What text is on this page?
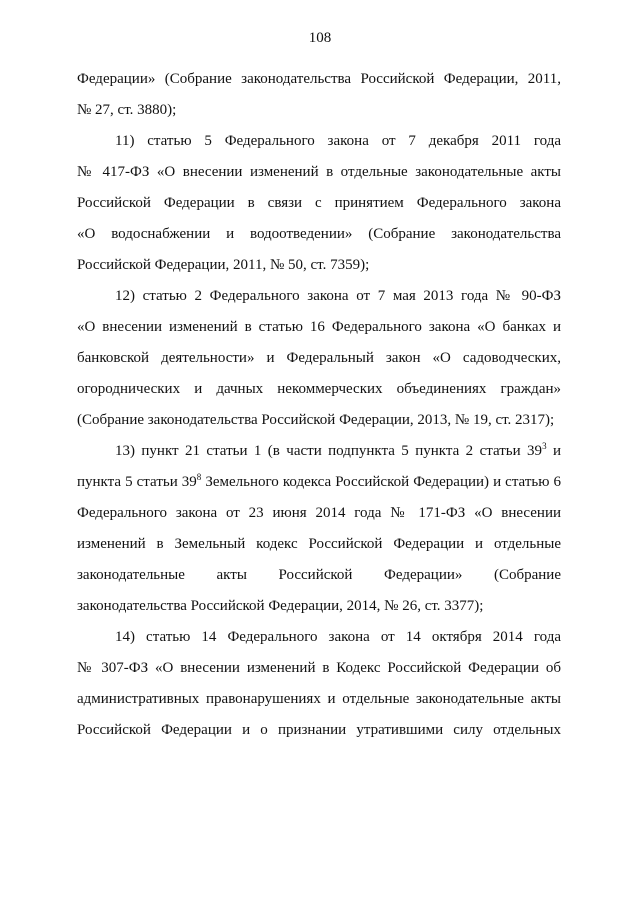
108

Федерации» (Собрание законодательства Российской Федерации, 2011,
№ 27, ст. 3880);

11) статью 5 Федерального закона от 7 декабря 2011 года
№ 417-ФЗ «О внесении изменений в отдельные законодательные акты
Российской Федерации в связи с принятием Федерального закона
«О водоснабжении и водоотведении» (Собрание законодательства
Российской Федерации, 2011, № 50, ст. 7359);

12) статью 2 Федерального закона от 7 мая 2013 года № 90-ФЗ
«О внесении изменений в статью 16 Федерального закона «О банках и
банковской деятельности» и Федеральный закон «О садоводческих,
огороднических и дачных некоммерческих объединениях граждан»
(Собрание законодательства Российской Федерации, 2013, № 19, ст. 2317);

13) пункт 21 статьи 1 (в части подпункта 5 пункта 2 статьи $39^3$ и
пункта 5 статьи $39^8$ Земельного кодекса Российской Федерации) и статью 6
Федерального закона от 23 июня 2014 года № 171-ФЗ «О внесении
изменений в Земельный кодекс Российской Федерации и отдельные
законодательные акты Российской Федерации» (Собрание
законодательства Российской Федерации, 2014, № 26, ст. 3377);

14) статью 14 Федерального закона от 14 октября 2014 года
№ 307-ФЗ «О внесении изменений в Кодекс Российской Федерации об
административных правонарушениях и отдельные законодательные акты
Российской Федерации и о признании утратившими силу отдельных
